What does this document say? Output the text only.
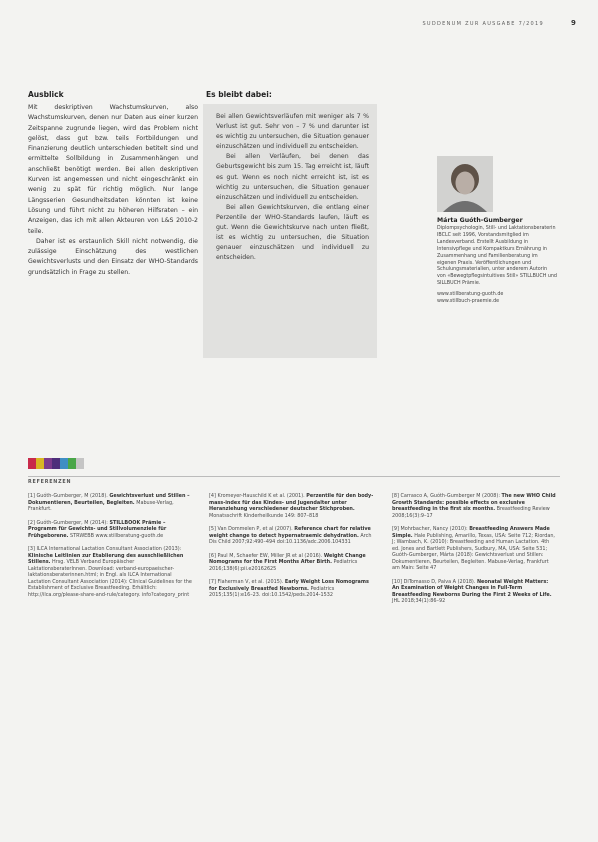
SUDDENUM ZUR AUSGABE 7/2019	9
Ausblick

Mit deskriptiven Wachstumskurven, also Wachstumskurven, denen nur Daten aus einer kurzen Zeitspanne zugrunde liegen, wird das Problem nicht gelöst, dass gut bzw. teils Fortbildungen und Finanzierung deutlich unterschieden betitelt sind und ermittelte Sollbildung in Zusammenhängen und anschließt benötigt werden. Bei allen deskriptiven Kurven ist angemessen und nicht eingeschränkt ein wenig zu spät für richtig möglich. Nur lange Längsserien Gesundheitsdaten könnten ist keine Lösung und führt nicht zu höheren Hilfsraten – ein Anzeigen, das ich mit allen Akteuren von L&S 2010-2 teile.

Daher ist es erstaunlich Skill nicht notwendig, die zulässige Einschätzung des westlichen Gewichtsverlusts und den Einsatz der WHO-Standards grundsätzlich in Frage zu stellen.

Es bleibt dabei:

Bei allen Gewichtsverläufen mit weniger als 7 % Verlust ist gut. Sehr von – 7 % und darunter ist es wichtig zu untersuchen, die Situation genauer einzuschätzen und individuell zu entscheiden.

Bei allen Verläufen, bei denen das Geburtsgewicht bis zum 15. Tag erreicht ist, läuft es gut. Wenn es noch nicht erreicht ist, ist es wichtig zu untersuchen, die Situation genauer einzuschätzen und individuell zu entscheiden.

Bei allen Gewichtskurven, die entlang einer Perzentile der WHO-Standards laufen, läuft es gut. Wenn die Gewichtskurve nach unten fließt, ist es wichtig zu untersuchen, die Situation genauer einzuschätzen und individuell zu entscheiden.

Márta Guóth-Gumberger

Diplompsychologin, Still- und Laktationsberaterin IBCLC seit 1996, Vorstandsmitglied im Landesverband. Erstellt Ausbildung in Intensivpflege und Kompaktkurs Ernährung in Zusammenhang und Familienberatung im eigenen Praxis. Veröffentlichungen und Schulungsmaterialien, unter anderem Autorin von «Bewegtpflegsintuitives Still» STILLBUCH und SILLBUCH Prämie.

www.stillberatung-guoth.de
www.stillbuch-praemie.de
REFERENZEN

[1] Guóth-Gumberger, M (2018). Gewichtsverlust und Stillen – Dokumentieren, Beurteilen, Begleiten. Mabuse-Verlag, Frankfurt.

[2] Guóth-Gumberger, M (2014): STILLBOOK Prämie – Programm für Gewichts- und Stillvolumenziele für Frühgeborene. STRWEBB www.stillberatung-guoth.de

[3] ILCA International Lactation Consultant Association (2013): Klinische Leitlinien zur Etablierung des ausschließlichen Stillens. Hrsg. VELB Verband Europäischer LaktationsberaterInnen. Download: verband-europaeischer-laktationsberaterinnen.html; in Engl. als ILCA International Lactation Consultant Association (2014): Clinical Guidelines for the Establishment of Exclusive Breastfeeding. Erhältlich: http://ilca.org/please-share-and-rule/category. info?category_print

[4] Kromeyer-Hauschild K et al. (2001). Perzentile für den body-mass-index für das Kindes- und Jugendalter unter Heranziehung verschiedener deutscher Stichproben. Monatsschrift Kinderheilkunde 149: 807–818

[5] Van Dommelen P, et al (2007). Reference chart for relative weight change to detect hypernatraemic dehydration. Arch Dis Child 2007;92:490–494 doi:10.1136/adc.2006.104331

[6] Paul M, Schaefer EW, Miller JR et al (2016). Weight Change Nomograms for the First Months After Birth. Pediatrics 2016;138(6):pii.e20162625

[7] Flaherman V, et al. (2015). Early Weight Loss Nomograms for Exclusively Breastfed Newborns. Pediatrics 2015;135(1):e16–23. doi:10.1542/peds.2014-1532

[8] Carrasco A, Guóth-Gumberger M (2008): The new WHO Child Growth Standards: possible effects on exclusive breastfeeding in the first six months. Breastfeeding Review 2008;16(3):9–17

[9] Mohrbacher, Nancy (2010): Breastfeeding Answers Made Simple. Hale Publishing, Amarillo, Texas, USA: Seite 712; Riordan, J; Wambach, K. (2010): Breastfeeding and Human Lactation. 4th ed. Jones and Bartlett Publishers, Sudbury, MA, USA: Seite 531; Guóth-Gumberger, Márta (2018): Gewichtsverlust und Stillen: Dokumentieren, Beurteilen, Begleiten. Mabuse-Verlag, Frankfurt am Main: Seite 47

[10] DiTomasso D, Paiva A (2018). Neonatal Weight Matters: An Examination of Weight Changes in Full-Term Breastfeeding Newborns During the First 2 Weeks of Life. JHL 2018;34(1):86–92
